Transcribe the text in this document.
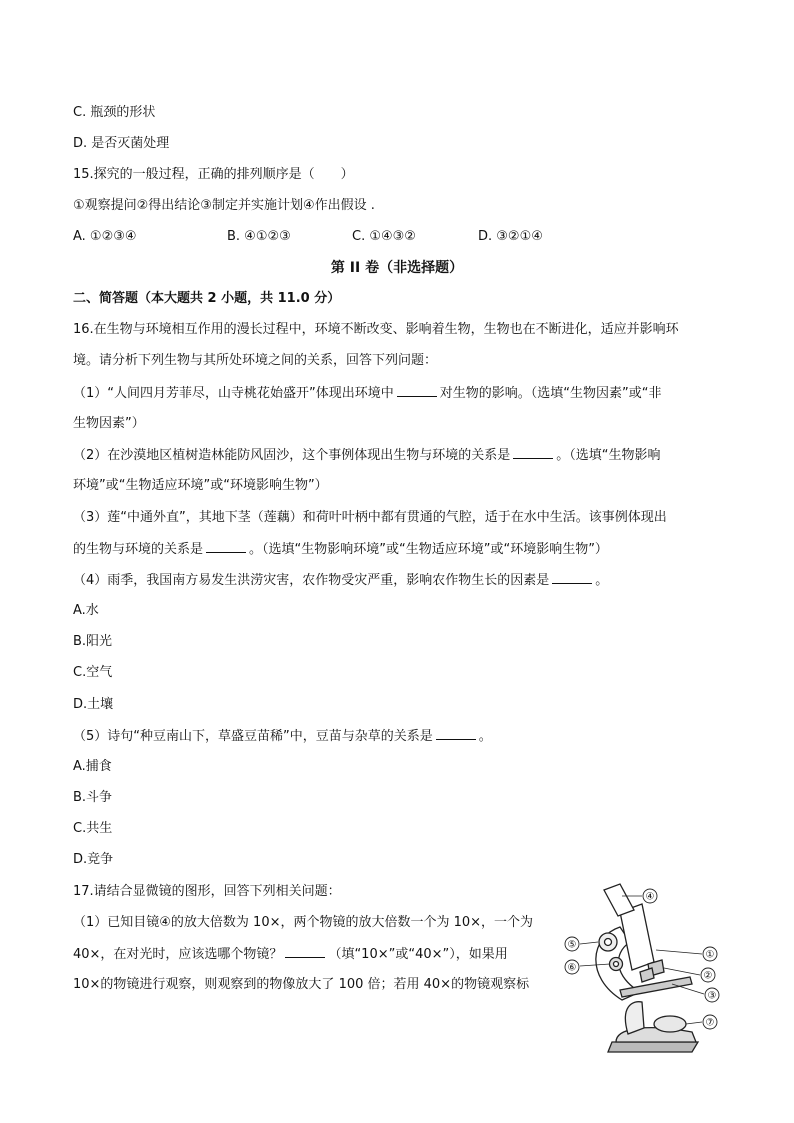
C. 瓶颈的形状
D. 是否灭菌处理
15.探究的一般过程，正确的排列顺序是（　　）
①观察提问②得出结论③制定并实施计划④作出假设 .
A. ①②③④	B. ④①②③	C. ①④③②	D. ③②①④
第 II 卷（非选择题）
二、简答题（本大题共 2 小题，共 11.0 分）
16.在生物与环境相互作用的漫长过程中，环境不断改变、影响着生物，生物也在不断进化，适应并影响环
境。请分析下列生物与其所处环境之间的关系，回答下列问题：
（1）“人间四月芳菲尽，山寺桃花始盛开”体现出环境中	对生物的影响。（选填“生物因素”或“非
生物因素”）
（2）在沙漠地区植树造林能防风固沙，这个事例体现出生物与环境的关系是	。（选填“生物影响
环境”或“生物适应环境”或“环境影响生物”）
（3）莲“中通外直”，其地下茎（莲藕）和荷叶叶柄中都有贯通的气腔，适于在水中生活。该事例体现出
的生物与环境的关系是	。（选填“生物影响环境”或“生物适应环境”或“环境影响生物”）
（4）雨季，我国南方易发生洪涝灾害，农作物受灾严重，影响农作物生长的因素是	。
A.水
B.阳光
C.空气
D.土壤
（5）诗句“种豆南山下，草盛豆苗稀”中，豆苗与杂草的关系是	。
A.捕食
B.斗争
C.共生
D.竞争
17.请结合显微镜的图形，回答下列相关问题：
（1）已知目镜④的放大倍数为 10×，两个物镜的放大倍数一个为 10×，一个为
40×，在对光时，应该选哪个物镜？	（填“10×”或“40×”），如果用
10×的物镜进行观察，则观察到的物像放大了 100 倍；若用 40×的物镜观察标
④
⑤
①
⑥
②
③
⑦
